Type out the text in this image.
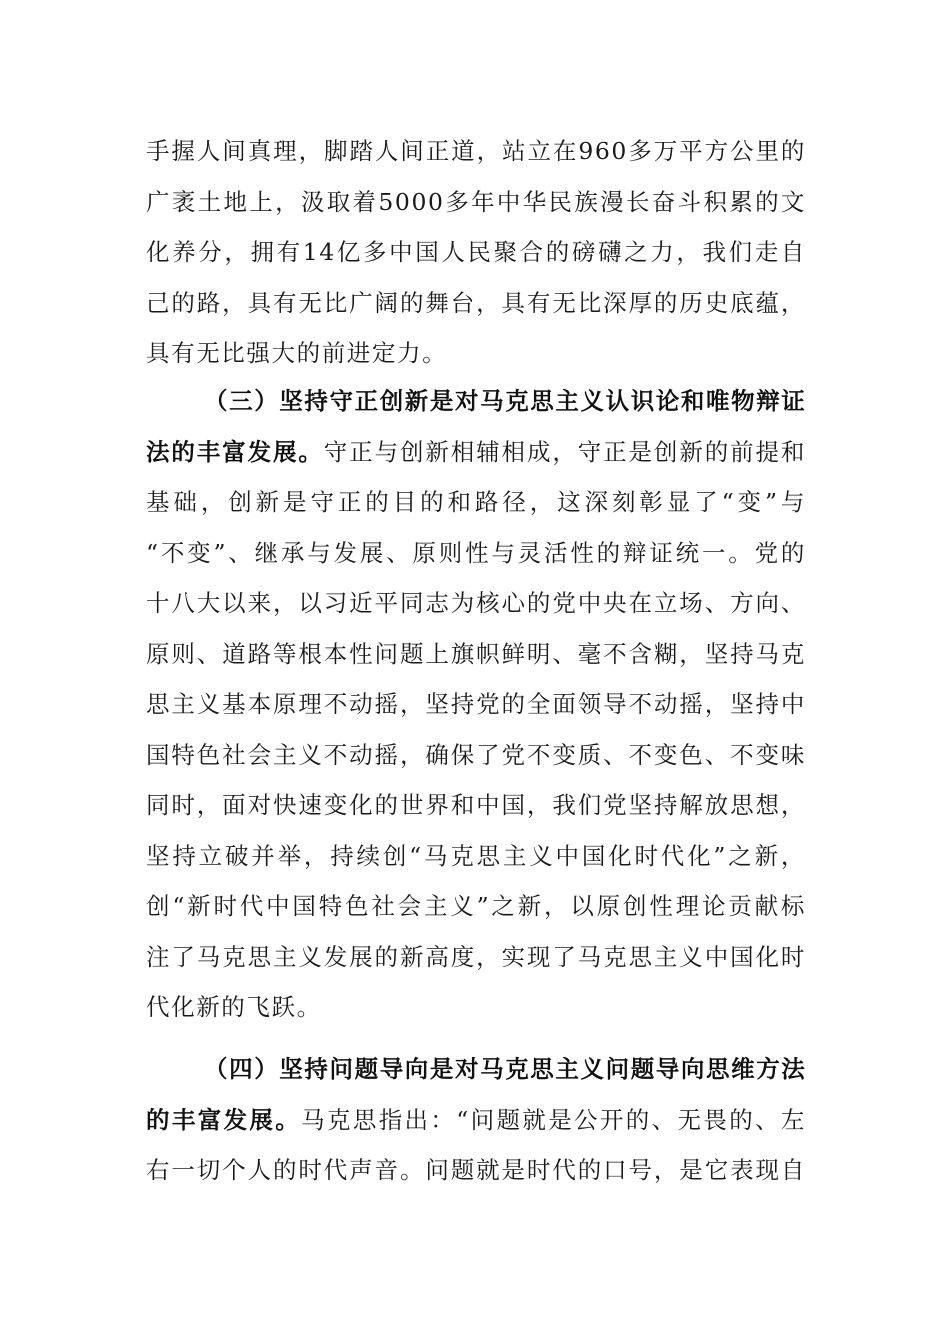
手握人间真理，脚踏人间正道，站立在960多万平方公里的
广袤土地上，汲取着5000多年中华民族漫长奋斗积累的文
化养分，拥有14亿多中国人民聚合的磅礴之力，我们走自
己的路，具有无比广阔的舞台，具有无比深厚的历史底蕴，
具有无比强大的前进定力。
（三）坚持守正创新是对马克思主义认识论和唯物辩证
法的丰富发展。守正与创新相辅相成，守正是创新的前提和
基础，创新是守正的目的和路径，这深刻彰显了“变”与
“不变”、继承与发展、原则性与灵活性的辩证统一。党的
十八大以来，以习近平同志为核心的党中央在立场、方向、
原则、道路等根本性问题上旗帜鲜明、毫不含糊，坚持马克
思主义基本原理不动摇，坚持党的全面领导不动摇，坚持中
国特色社会主义不动摇，确保了党不变质、不变色、不变味
同时，面对快速变化的世界和中国，我们党坚持解放思想，
坚持立破并举，持续创“马克思主义中国化时代化”之新，
创“新时代中国特色社会主义”之新，以原创性理论贡献标
注了马克思主义发展的新高度，实现了马克思主义中国化时
代化新的飞跃。
（四）坚持问题导向是对马克思主义问题导向思维方法
的丰富发展。马克思指出：“问题就是公开的、无畏的、左
右一切个人的时代声音。问题就是时代的口号，是它表现自
